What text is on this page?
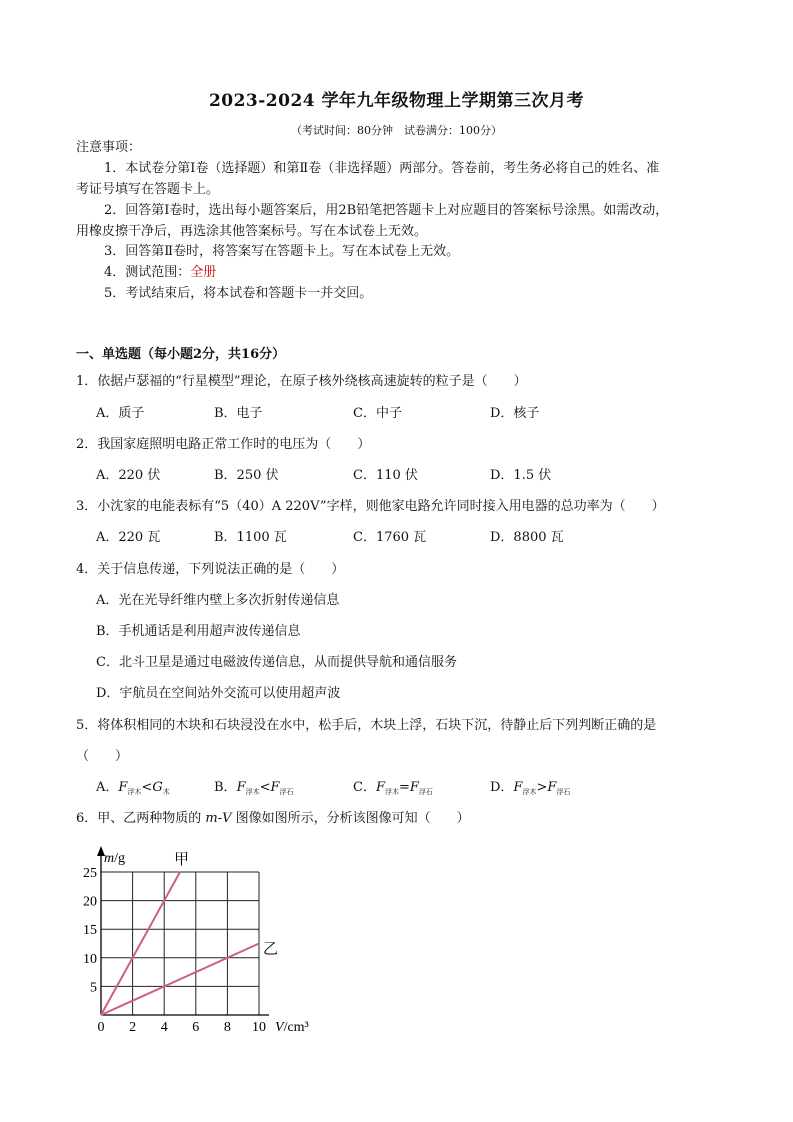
2023-2024 学年九年级物理上学期第三次月考
（考试时间：80分钟　试卷满分：100分）
注意事项：
1．本试卷分第Ⅰ卷（选择题）和第Ⅱ卷（非选择题）两部分。答卷前，考生务必将自己的姓名、准
考证号填写在答题卡上。
2．回答第Ⅰ卷时，选出每小题答案后，用2B铅笔把答题卡上对应题目的答案标号涂黑。如需改动，
用橡皮擦干净后，再选涂其他答案标号。写在本试卷上无效。
3．回答第Ⅱ卷时，将答案写在答题卡上。写在本试卷上无效。
4．测试范围：全册
5．考试结束后，将本试卷和答题卡一并交回。
一、单选题（每小题2分，共16分）
1．依据卢瑟福的“行星模型”理论，在原子核外绕核高速旋转的粒子是（　　）
A．质子	B．电子	C．中子	D．核子
2．我国家庭照明电路正常工作时的电压为（　　）
A．220 伏	B．250 伏	C．110 伏	D．1.5 伏
3．小沈家的电能表标有“5（40）A 220V”字样，则他家电路允许同时接入用电器的总功率为（　　）
A．220 瓦	B．1100 瓦	C．1760 瓦	D．8800 瓦
4．关于信息传递，下列说法正确的是（　　）
A．光在光导纤维内壁上多次折射传递信息
B．手机通话是利用超声波传递信息
C．北斗卫星是通过电磁波传递信息，从而提供导航和通信服务
D．宇航员在空间站外交流可以使用超声波
5．将体积相同的木块和石块浸没在水中，松手后，木块上浮，石块下沉，待静止后下列判断正确的是
（　　）
A．$F_{浮木}<G_木$	B．$F_{浮木}<F_{浮石}$	C．$F_{浮木}=F_{浮石}$	D．$F_{浮木}>F_{浮石}$
6．甲、乙两种物质的 m-V 图像如图所示，分析该图像可知（　　）
0 2 4 6 8 10
5
10
15
20
25
m/g
V/cm³
甲
乙
